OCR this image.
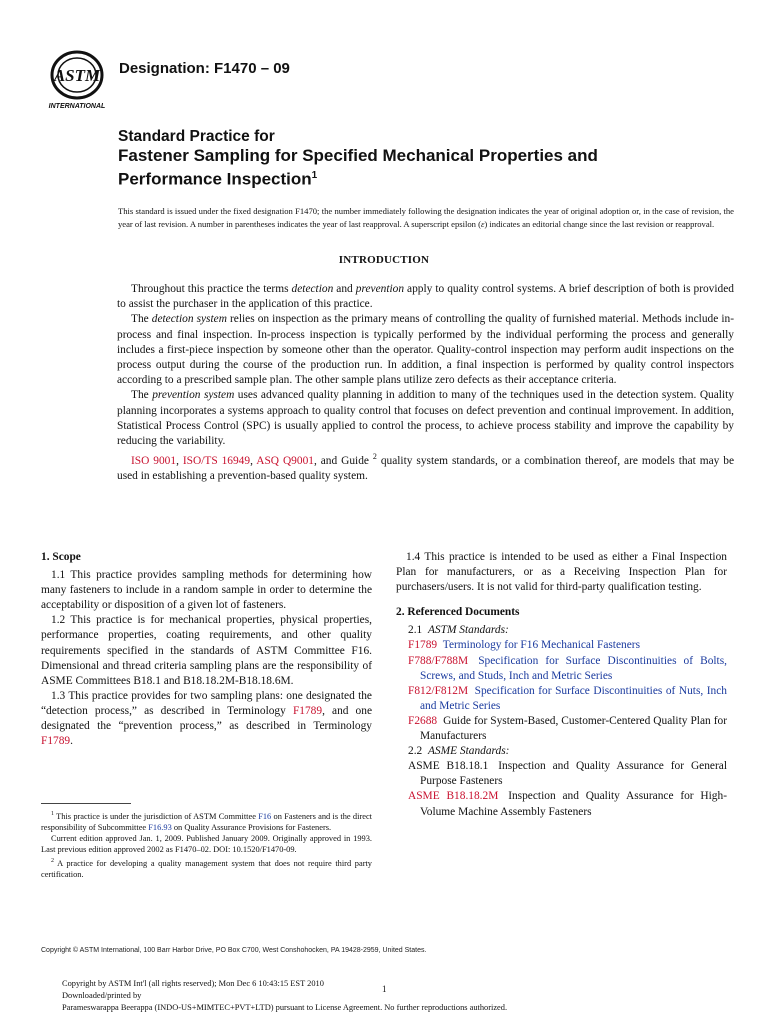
ASTM
INTERNATIONAL
Designation: F1470 – 09
Standard Practice for
Fastener Sampling for Specified Mechanical Properties and
Performance Inspection$^1$
This standard is issued under the fixed designation F1470; the number immediately following the designation indicates the year of original adoption or, in the case of revision, the year of last revision. A number in parentheses indicates the year of last reapproval. A superscript epsilon (ε) indicates an editorial change since the last revision or reapproval.
INTRODUCTION

Throughout this practice the terms detection and prevention apply to quality control systems. A brief description of both is provided to assist the purchaser in the application of this practice.

The detection system relies on inspection as the primary means of controlling the quality of furnished material. Methods include in-process and final inspection. In-process inspection is typically performed by the individual performing the process and generally includes a first-piece inspection by someone other than the operator. Quality-control inspection may perform audit inspections on the process output during the course of the production run. In addition, a final inspection is performed by quality control inspectors according to a prescribed sample plan. The other sample plans utilize zero defects as their acceptance criteria.

The prevention system uses advanced quality planning in addition to many of the techniques used in the detection system. Quality planning incorporates a systems approach to quality control that focuses on defect prevention and continual improvement. In addition, Statistical Process Control (SPC) is usually applied to control the process, to achieve process stability and improve the capability by reducing the variability.

ISO 9001, ISO/TS 16949, ASQ Q9001, and Guide $^2$ quality system standards, or a combination thereof, are models that may be used in establishing a prevention-based quality system.

1. Scope

1.1 This practice provides sampling methods for determining how many fasteners to include in a random sample in order to determine the acceptability or disposition of a given lot of fasteners.

1.2 This practice is for mechanical properties, physical properties, performance properties, coating requirements, and other quality requirements specified in the standards of ASTM Committee F16. Dimensional and thread criteria sampling plans are the responsibility of ASME Committees B18.1 and B18.18.2M-B18.18.6M.

1.3 This practice provides for two sampling plans: one designated the “detection process,” as described in Terminology F1789, and one designated the “prevention process,” as described in Terminology F1789.

1.4 This practice is intended to be used as either a Final Inspection Plan for manufacturers, or as a Receiving Inspection Plan for purchasers/users. It is not valid for third-party qualification testing.

2. Referenced Documents

2.1 ASTM Standards:

F1789 Terminology for F16 Mechanical Fasteners

F788/F788M Specification for Surface Discontinuities of Bolts, Screws, and Studs, Inch and Metric Series

F812/F812M Specification for Surface Discontinuities of Nuts, Inch and Metric Series

F2688 Guide for System-Based, Customer-Centered Quality Plan for Manufacturers

2.2 ASME Standards:

ASME B18.18.1 Inspection and Quality Assurance for General Purpose Fasteners

ASME B18.18.2M Inspection and Quality Assurance for High-Volume Machine Assembly Fasteners

$^1$ This practice is under the jurisdiction of ASTM Committee F16 on Fasteners and is the direct responsibility of Subcommittee F16.93 on Quality Assurance Provisions for Fasteners.

Current edition approved Jan. 1, 2009. Published January 2009. Originally approved in 1993. Last previous edition approved 2002 as F1470–02. DOI: 10.1520/F1470-09.

$^2$ A practice for developing a quality management system that does not require third party certification.

Copyright © ASTM International, 100 Barr Harbor Drive, PO Box C700, West Conshohocken, PA 19428-2959, United States.
Copyright by ASTM Int'l (all rights reserved); Mon Dec 6 10:43:15 EST 2010
Downloaded/printed by
Parameswarappa Beerappa (INDO-US+MIMTEC+PVT+LTD) pursuant to License Agreement. No further reproductions authorized.
1
